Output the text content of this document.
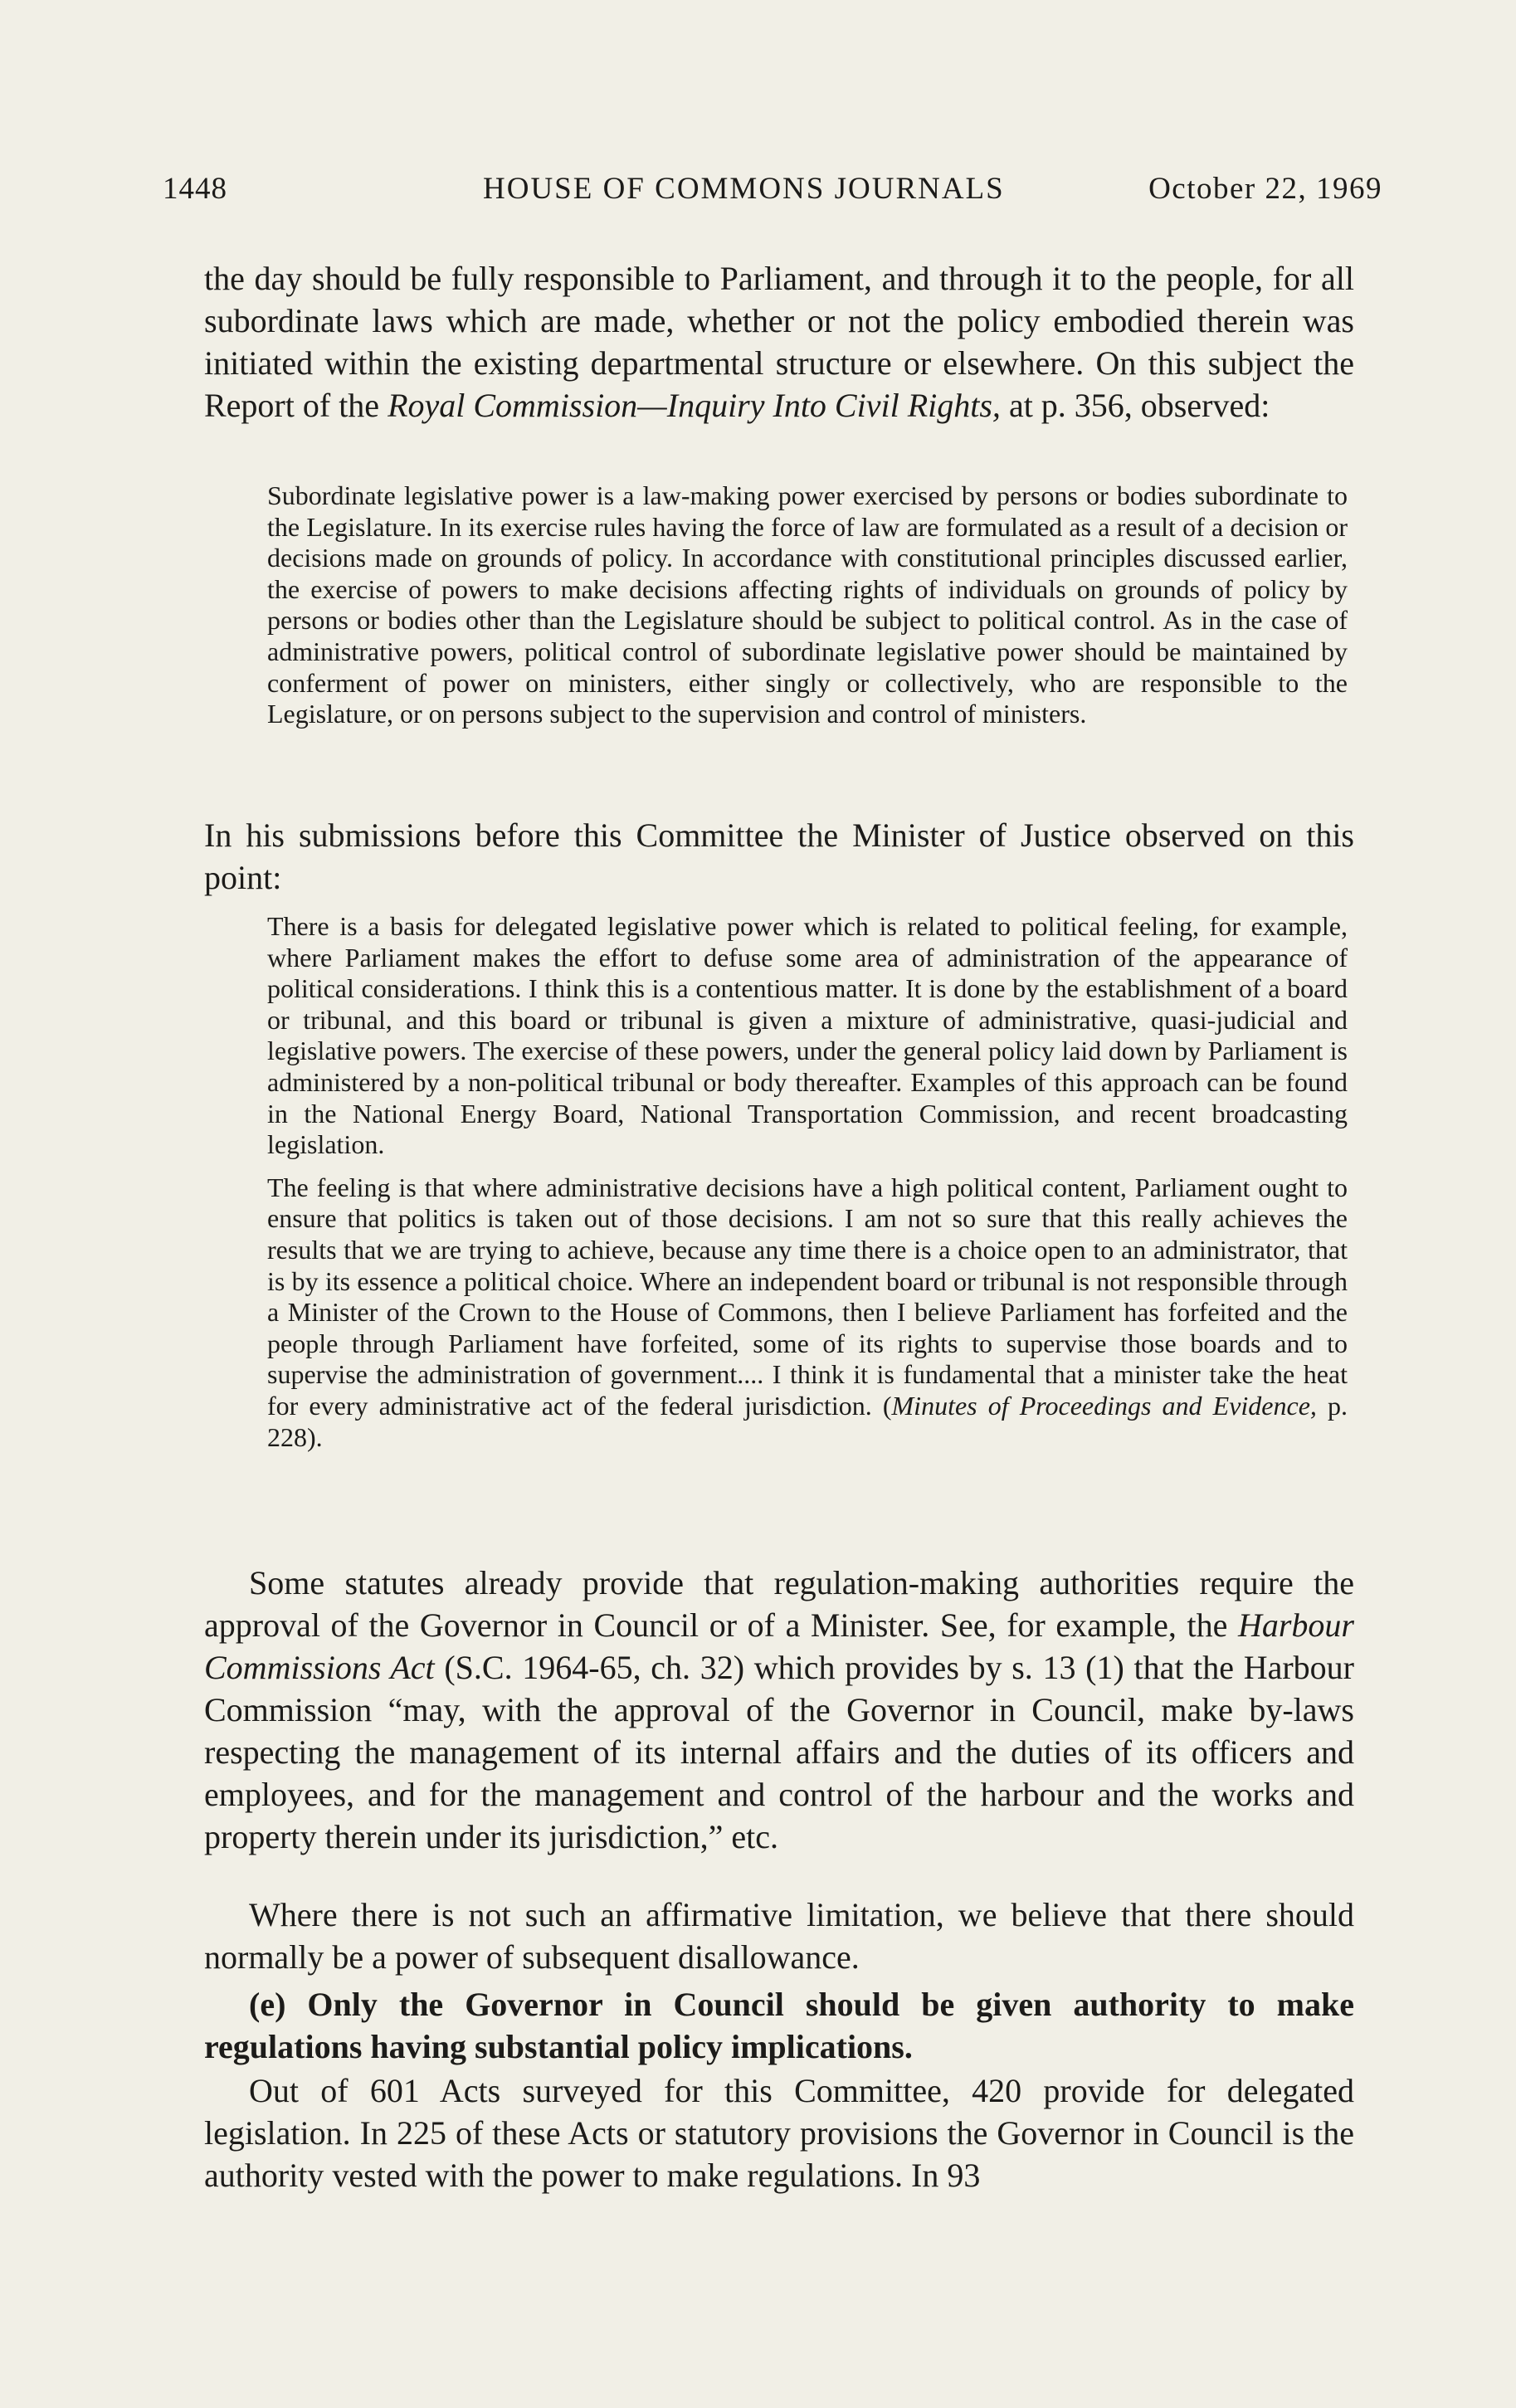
1448	HOUSE OF COMMONS JOURNALS	October 22, 1969

the day should be fully responsible to Parliament, and through it to the people, for all subordinate laws which are made, whether or not the policy embodied therein was initiated within the existing departmental structure or elsewhere. On this subject the Report of the Royal Commission—Inquiry Into Civil Rights, at p. 356, observed:

Subordinate legislative power is a law-making power exercised by persons or bodies subordinate to the Legislature. In its exercise rules having the force of law are formulated as a result of a decision or decisions made on grounds of policy. In accordance with constitutional principles discussed earlier, the exercise of powers to make decisions affecting rights of individuals on grounds of policy by persons or bodies other than the Legislature should be subject to political control. As in the case of administrative powers, political control of subordinate legislative power should be maintained by conferment of power on ministers, either singly or collectively, who are responsible to the Legislature, or on persons subject to the supervision and control of ministers.

In his submissions before this Committee the Minister of Justice observed on this point:

There is a basis for delegated legislative power which is related to political feeling, for example, where Parliament makes the effort to defuse some area of administration of the appearance of political considerations. I think this is a contentious matter. It is done by the establishment of a board or tribunal, and this board or tribunal is given a mixture of administrative, quasi-judicial and legislative powers. The exercise of these powers, under the general policy laid down by Parliament is administered by a non-political tribunal or body thereafter. Examples of this approach can be found in the National Energy Board, National Transportation Commission, and recent broadcasting legislation.

The feeling is that where administrative decisions have a high political content, Parliament ought to ensure that politics is taken out of those decisions. I am not so sure that this really achieves the results that we are trying to achieve, because any time there is a choice open to an administrator, that is by its essence a political choice. Where an independent board or tribunal is not responsible through a Minister of the Crown to the House of Commons, then I believe Parliament has forfeited and the people through Parliament have forfeited, some of its rights to supervise those boards and to supervise the administration of government.... I think it is fundamental that a minister take the heat for every administrative act of the federal jurisdiction. (Minutes of Proceedings and Evidence, p. 228).

Some statutes already provide that regulation-making authorities require the approval of the Governor in Council or of a Minister. See, for example, the Harbour Commissions Act (S.C. 1964-65, ch. 32) which provides by s. 13 (1) that the Harbour Commission “may, with the approval of the Governor in Council, make by-laws respecting the management of its internal affairs and the duties of its officers and employees, and for the management and control of the harbour and the works and property therein under its jurisdiction,” etc.

Where there is not such an affirmative limitation, we believe that there should normally be a power of subsequent disallowance.

(e) Only the Governor in Council should be given authority to make regulations having substantial policy implications.

Out of 601 Acts surveyed for this Committee, 420 provide for delegated legislation. In 225 of these Acts or statutory provisions the Governor in Council is the authority vested with the power to make regulations. In 93
